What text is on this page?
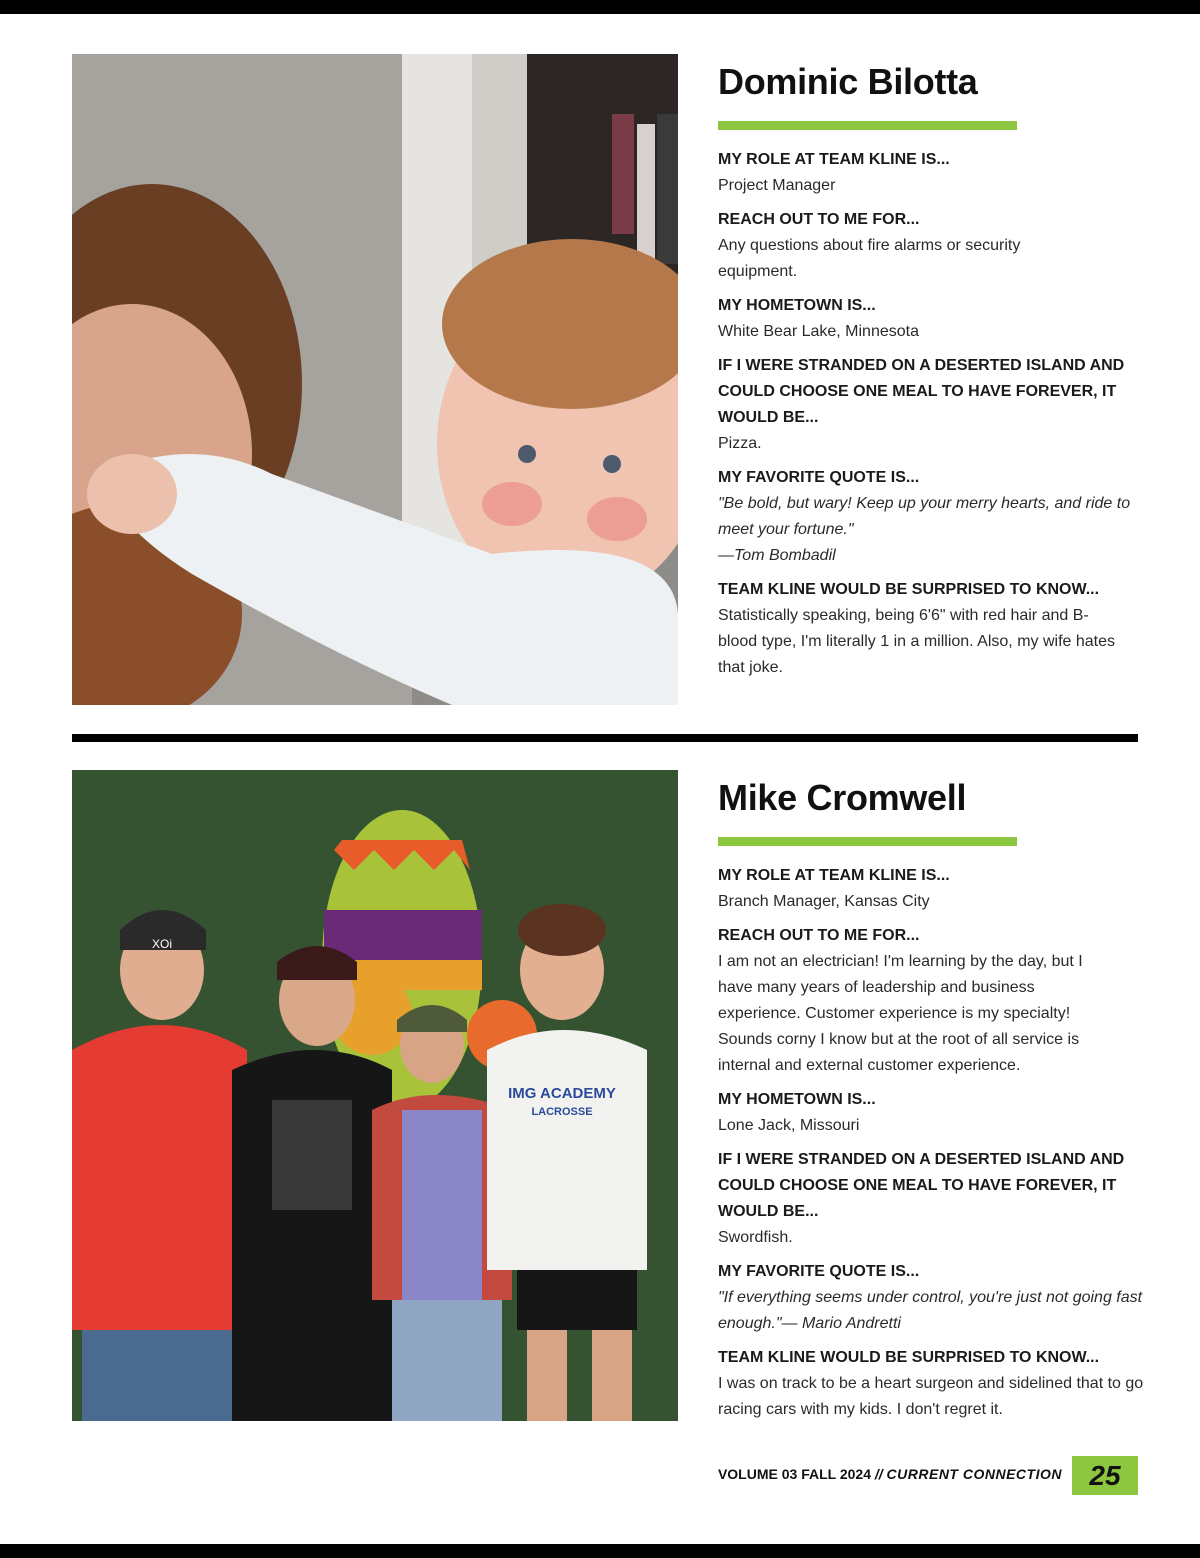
Dominic Bilotta
MY ROLE AT TEAM KLINE IS...
Project Manager
REACH OUT TO ME FOR...
Any questions about fire alarms or security equipment.
MY HOMETOWN IS...
White Bear Lake, Minnesota
IF I WERE STRANDED ON A DESERTED ISLAND AND COULD CHOOSE ONE MEAL TO HAVE FOREVER, IT WOULD BE...
Pizza.
MY FAVORITE QUOTE IS...
"Be bold, but wary! Keep up your merry hearts, and ride to meet your fortune."
—Tom Bombadil
TEAM KLINE WOULD BE SURPRISED TO KNOW...
Statistically speaking, being 6'6" with red hair and B- blood type, I'm literally 1 in a million. Also, my wife hates that joke.
XOi
IMG ACADEMY
LACROSSE
Mike Cromwell
MY ROLE AT TEAM KLINE IS...
Branch Manager, Kansas City
REACH OUT TO ME FOR...
I am not an electrician! I'm learning by the day, but I have many years of leadership and business experience. Customer experience is my specialty! Sounds corny I know but at the root of all service is internal and external customer experience.
MY HOMETOWN IS...
Lone Jack, Missouri
IF I WERE STRANDED ON A DESERTED ISLAND AND COULD CHOOSE ONE MEAL TO HAVE FOREVER, IT WOULD BE...
Swordfish.
MY FAVORITE QUOTE IS...
"If everything seems under control, you're just not going fast enough."— Mario Andretti
TEAM KLINE WOULD BE SURPRISED TO KNOW...
I was on track to be a heart surgeon and sidelined that to go racing cars with my kids. I don't regret it.
VOLUME 03 FALL 2024 // CURRENT CONNECTION 25
